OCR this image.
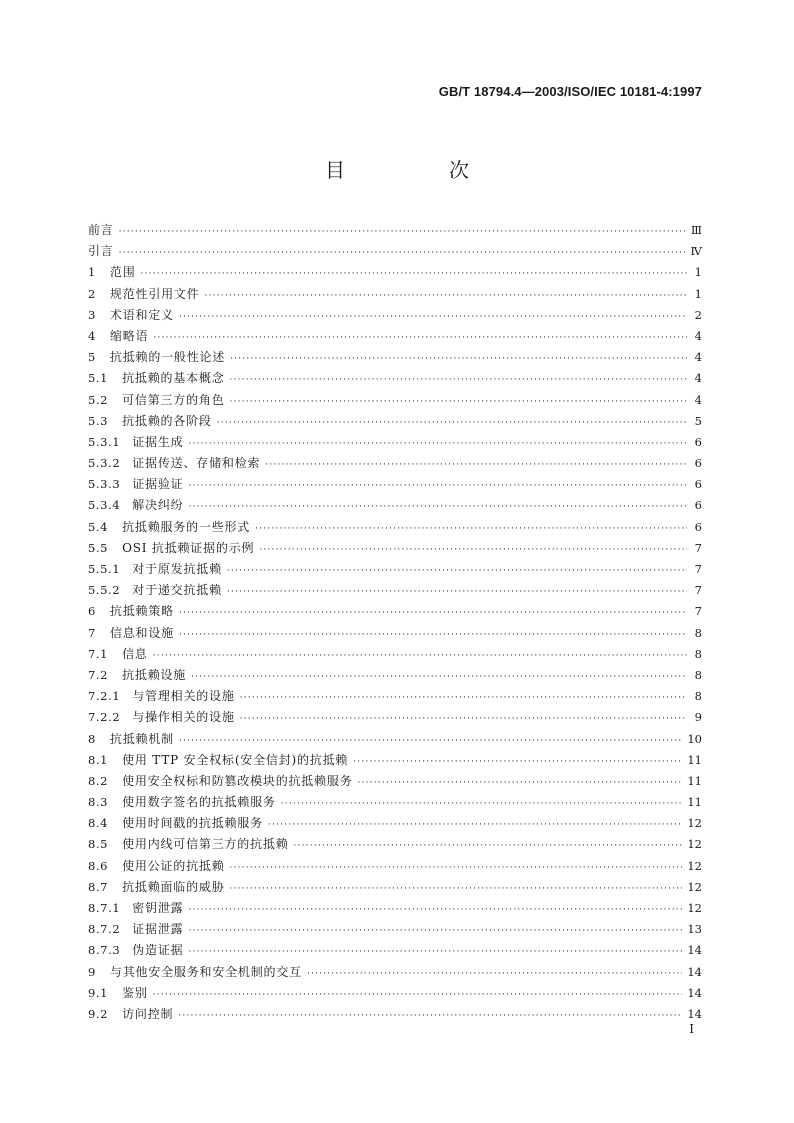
GB/T 18794.4—2003/ISO/IEC 10181-4:1997
目　次
前言 ·····	Ⅲ
引言 ·····	Ⅳ
1 范围 ·····	1
2 规范性引用文件 ·····	1
3 术语和定义 ·····	2
4 缩略语 ·····	4
5 抗抵赖的一般性论述 ·····	4
5.1 抗抵赖的基本概念 ·····	4
5.2 可信第三方的角色 ·····	4
5.3 抗抵赖的各阶段 ·····	5
5.3.1 证据生成 ·····	6
5.3.2 证据传送、存储和检索 ·····	6
5.3.3 证据验证 ·····	6
5.3.4 解决纠纷 ·····	6
5.4 抗抵赖服务的一些形式 ·····	6
5.5 OSI 抗抵赖证据的示例 ·····	7
5.5.1 对于原发抗抵赖 ·····	7
5.5.2 对于递交抗抵赖 ·····	7
6 抗抵赖策略 ·····	7
7 信息和设施 ·····	8
7.1 信息 ·····	8
7.2 抗抵赖设施 ·····	8
7.2.1 与管理相关的设施 ·····	8
7.2.2 与操作相关的设施 ·····	9
8 抗抵赖机制 ·····	10
8.1 使用 TTP 安全权标(安全信封)的抗抵赖 ·····	11
8.2 使用安全权标和防篡改模块的抗抵赖服务 ·····	11
8.3 使用数字签名的抗抵赖服务 ·····	11
8.4 使用时间戳的抗抵赖服务 ·····	12
8.5 使用内线可信第三方的抗抵赖 ·····	12
8.6 使用公证的抗抵赖 ·····	12
8.7 抗抵赖面临的威胁 ·····	12
8.7.1 密钥泄露 ·····	12
8.7.2 证据泄露 ·····	13
8.7.3 伪造证据 ·····	14
9 与其他安全服务和安全机制的交互 ·····	14
9.1 鉴别 ·····	14
9.2 访问控制 ·····	14
I
